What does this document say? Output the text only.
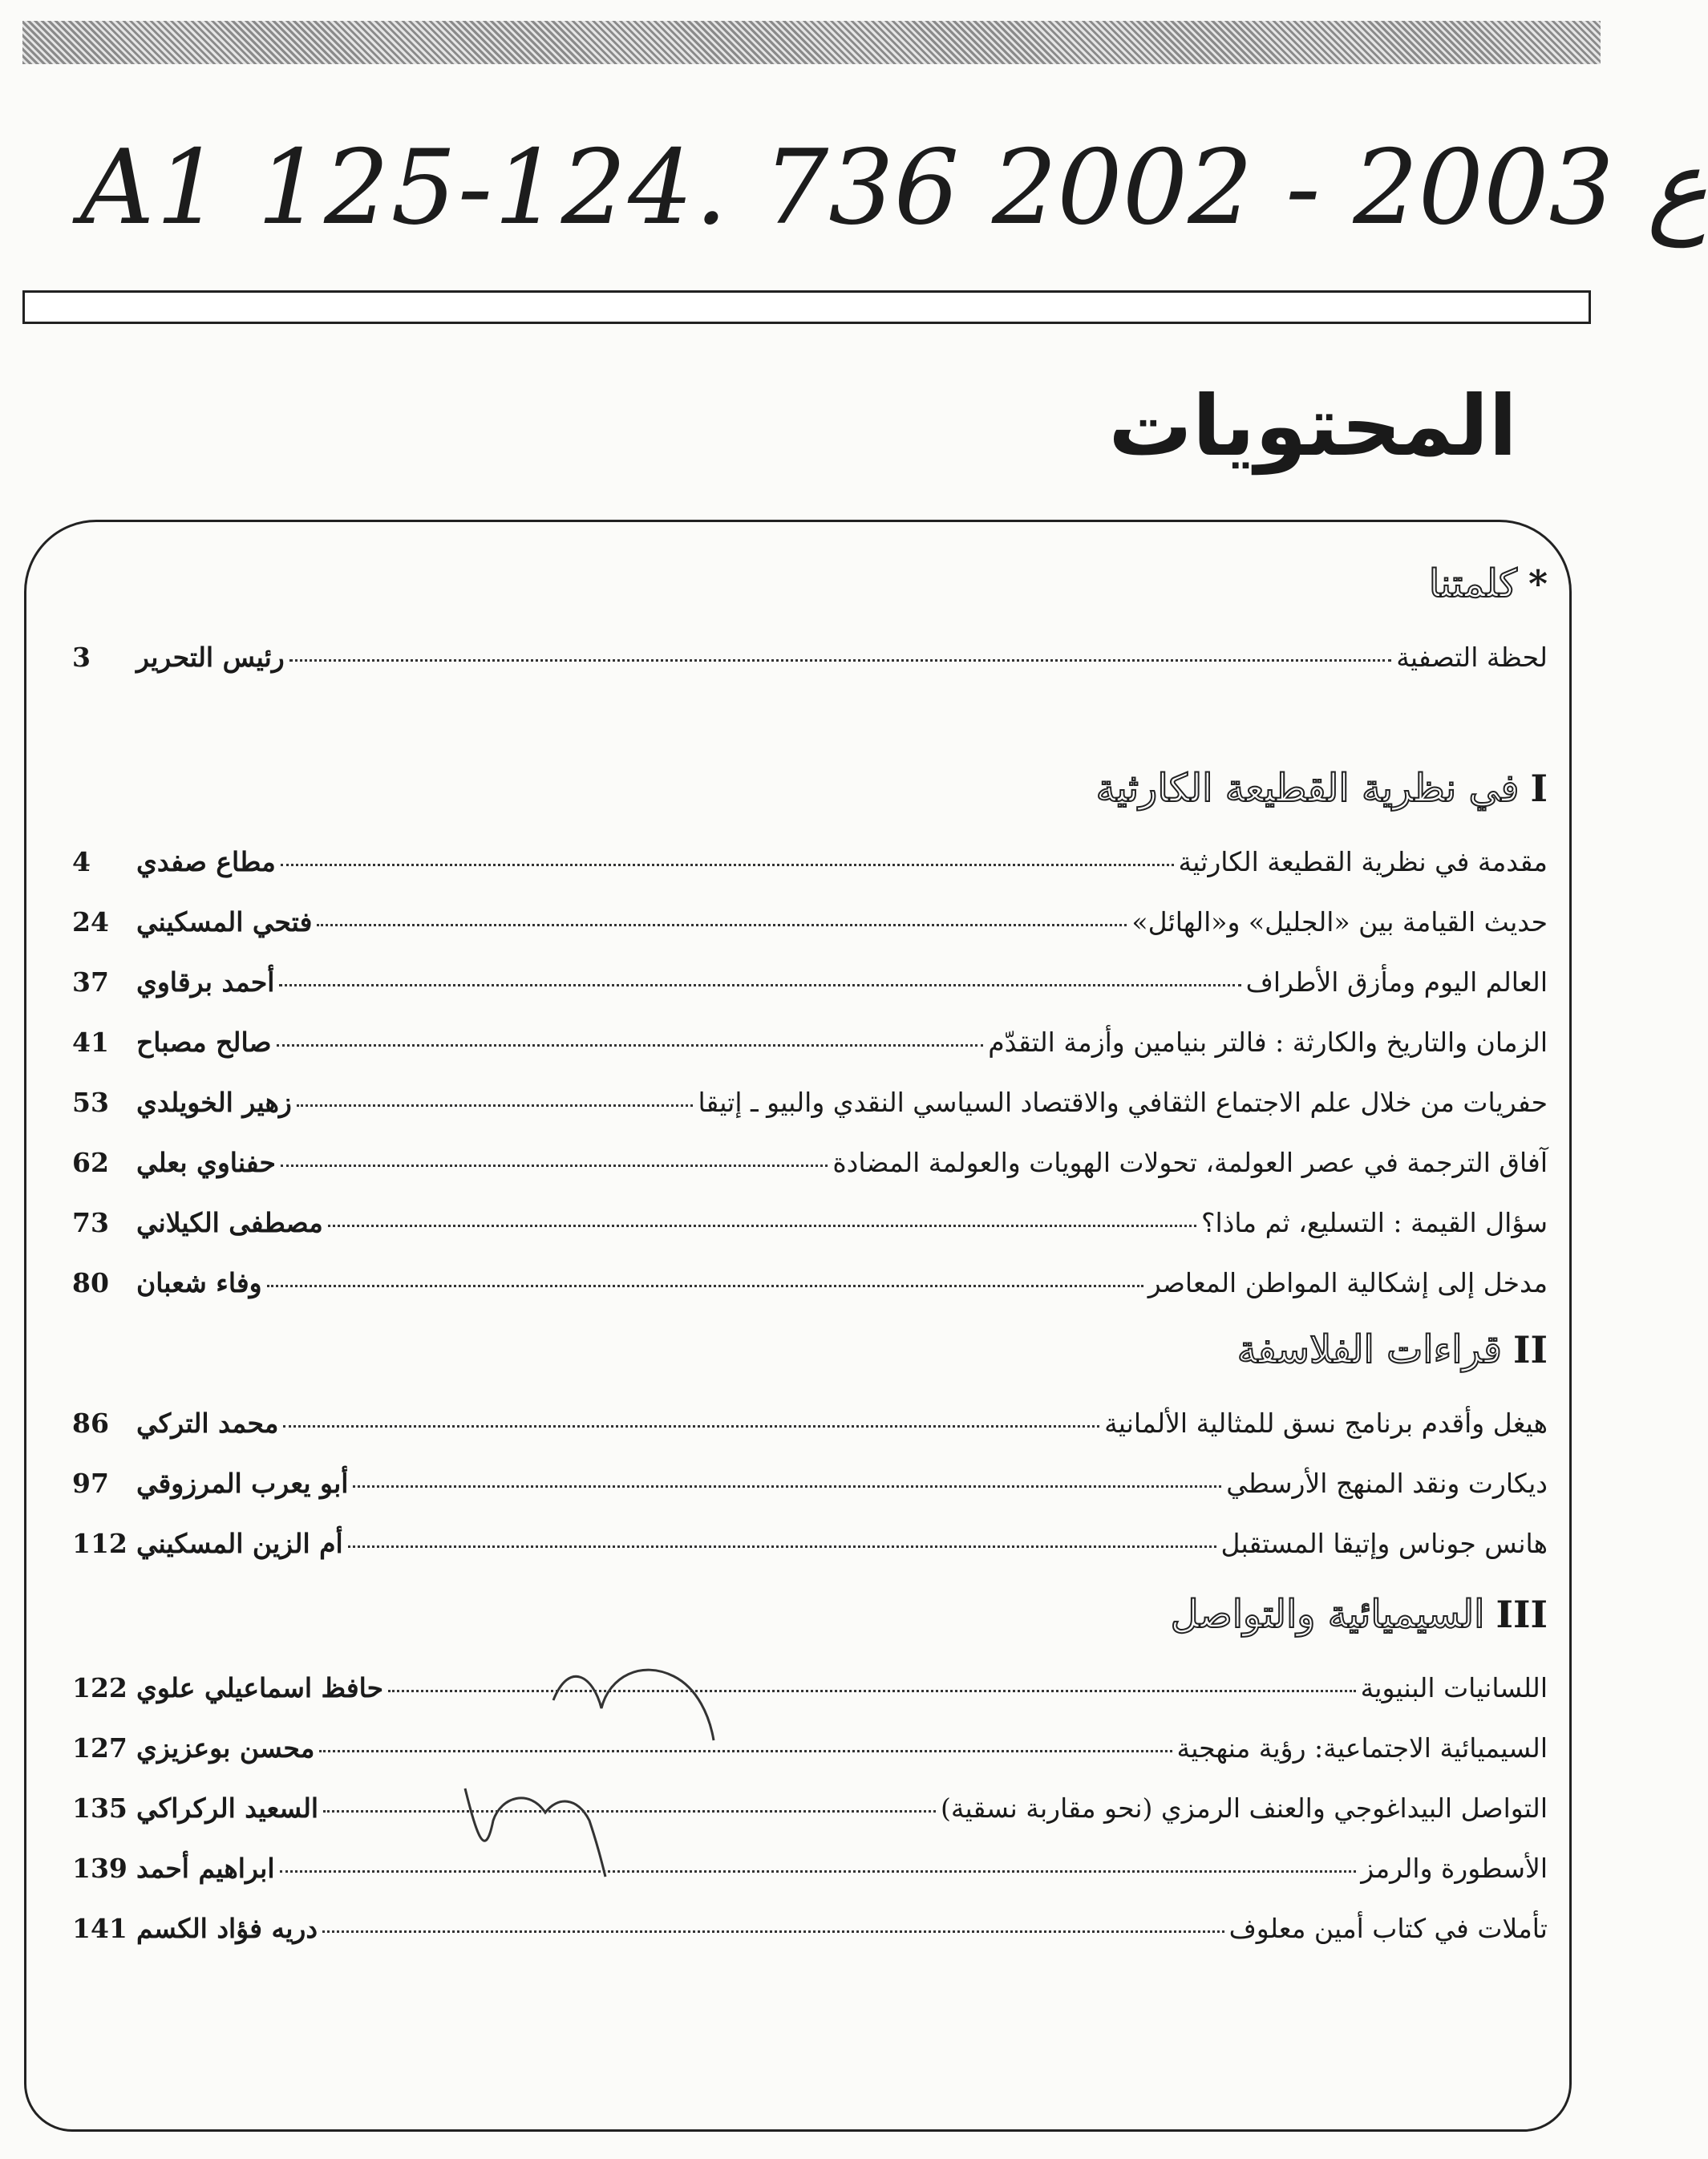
A1 125-124. ع 2003 - 2002 736
المحتويات
*
كلمتنا
لحظة التصفية
رئيس التحرير
3
I
في نظرية القطيعة الكارثية
مقدمة في نظرية القطيعة الكارثية
مطاع صفدي
4
حديث القيامة بين «الجليل» و«الهائل»
فتحي المسكيني
24
العالم اليوم ومأزق الأطراف
أحمد برقاوي
37
الزمان والتاريخ والكارثة : فالتر بنيامين وأزمة التقدّم
صالح مصباح
41
حفريات من خلال علم الاجتماع الثقافي والاقتصاد السياسي النقدي والبيو ـ إتيقا
زهير الخويلدي
53
آفاق الترجمة في عصر العولمة، تحولات الهويات والعولمة المضادة
حفناوي بعلي
62
سؤال القيمة : التسليع، ثم ماذا؟
مصطفى الكيلاني
73
مدخل إلى إشكالية المواطن المعاصر
وفاء شعبان
80
II
قراءات الفلاسفة
هيغل وأقدم برنامج نسق للمثالية الألمانية
محمد التركي
86
ديكارت ونقد المنهج الأرسطي
أبو يعرب المرزوقي
97
هانس جوناس وإتيقا المستقبل
أم الزين المسكيني
112
III
السيميائية والتواصل
اللسانيات البنيوية
حافظ اسماعيلي علوي
122
السيميائية الاجتماعية: رؤية منهجية
محسن بوعزيزي
127
التواصل البيداغوجي والعنف الرمزي (نحو مقاربة نسقية)
السعيد الركراكي
135
الأسطورة والرمز
ابراهيم أحمد
139
تأملات في كتاب أمين معلوف
دريه فؤاد الكسم
141
